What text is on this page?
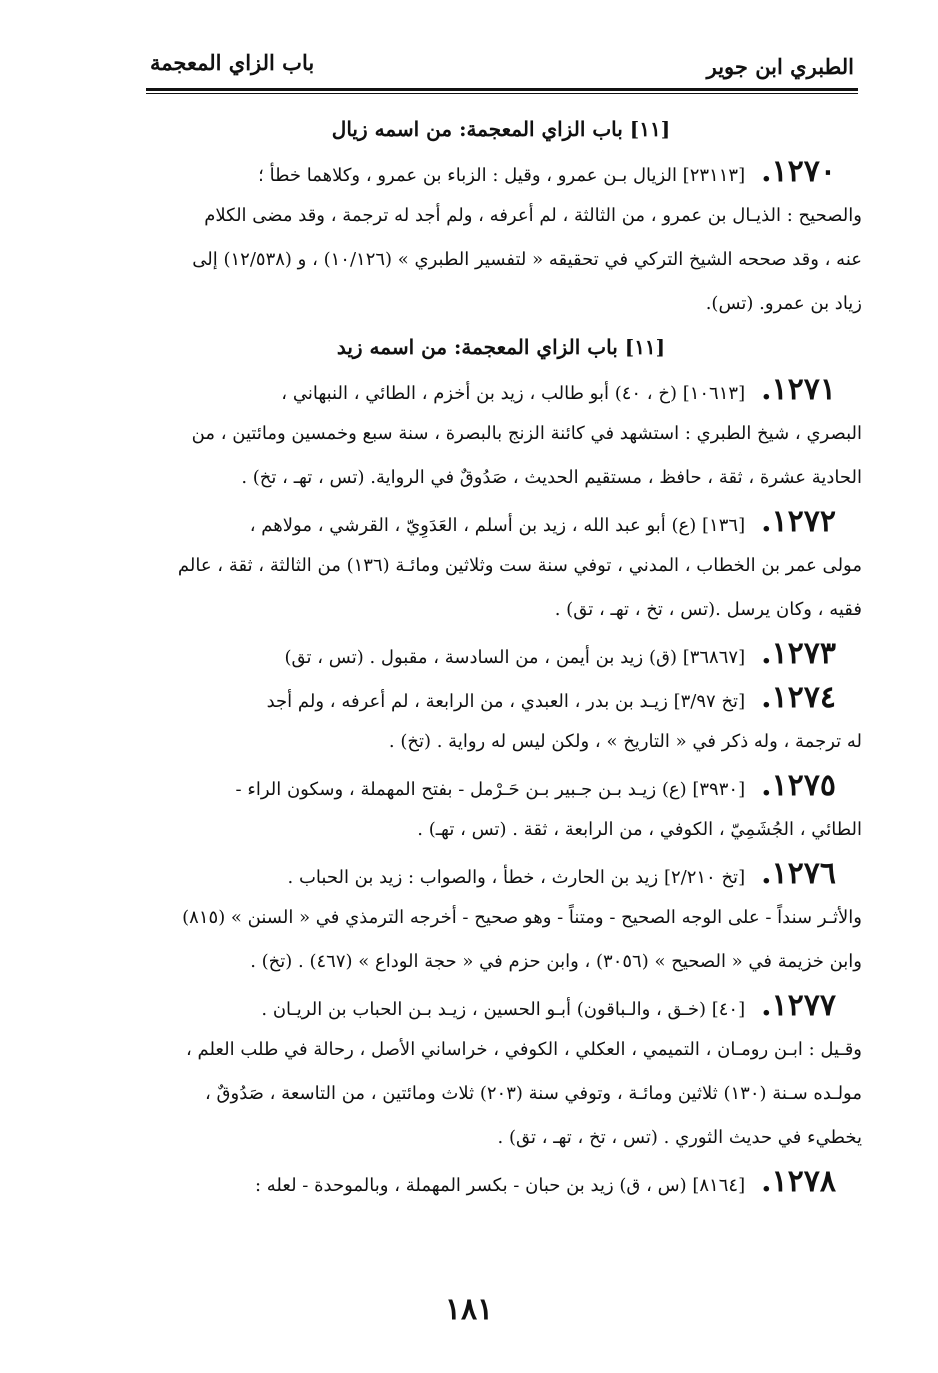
الطبري ابن جوير
باب الزاي المعجمة
[١١] باب الزاي المعجمة: من اسمه زيال
١٢٧٠.[٢٣١١٣] الزيال بـن عمرو ، وقيل : الزباء بن عمرو ، وكلاهما خطأ ؛
والصحيح : الذيـال بن عمرو ، من الثالثة ، لم أعرفه ، ولم أجد له ترجمة ، وقد مضى الكلام
عنه ، وقد صححه الشيخ التركي في تحقيقه « لتفسير الطبري » (١٠/١٢٦) ، و (١٢/٥٣٨) إلى
زياد بن عمرو. (تس).
[١١] باب الزاي المعجمة: من اسمه زيد
١٢٧١.[١٠٦١٣] (خ ، ٤٠) أبو طالب ، زيد بن أخزم ، الطائي ، النبهاني ،
البصري ، شيخ الطبري : استشهد في كائنة الزنج بالبصرة ، سنة سبع وخمسين ومائتين ، من
الحادية عشرة ، ثقة ، حافظ ، مستقيم الحديث ، صَدُوقٌ في الرواية. (تس ، تهـ ، تخ) .
١٢٧٢.[١٣٦] (ع) أبو عبد الله ، زيد بن أسلم ، العَدَوِيّ ، القرشي ، مولاهم ،
مولى عمر بن الخطاب ، المدني ، توفي سنة ست وثلاثين ومائـة (١٣٦) من الثالثة ، ثقة ، عالم
فقيه ، وكان يرسل .(تس ، تخ ، تهـ ، تق) .
١٢٧٣.[٣٦٨٦٧] (ق) زيد بن أيمن ، من السادسة ، مقبول . (تس ، تق)
١٢٧٤.[تخ ٣/٩٧] زيـد بن بدر ، العبدي ، من الرابعة ، لم أعرفه ، ولم أجد
له ترجمة ، وله ذكر في « التاريخ » ، ولكن ليس له رواية . (تخ) .
١٢٧٥.[٣٩٣٠] (ع) زيـد بـن جـبير بـن حَـرْمل - بفتح المهملة ، وسكون الراء -
الطائي ، الجُشَمِيّ ، الكوفي ، من الرابعة ، ثقة . (تس ، تهـ) .
١٢٧٦.[تخ ٢/٢١٠] زيد بن الحارث ، خطأ ، والصواب : زيد بن الحباب .
والأثـر سنداً - على الوجه الصحيح - ومتناً - وهو صحيح - أخرجه الترمذي في « السنن » (٨١٥)
وابن خزيمة في « الصحيح » (٣٠٥٦) ، وابن حزم في « حجة الوداع » (٤٦٧) . (تخ) .
١٢٧٧.[٤٠] (خـق ، والـباقون) أبـو الحسين ، زيـد بـن الحباب بن الريـان .
وقـيل : ابـن رومـان ، التميمي ، العكلي ، الكوفي ، خراساني الأصل ، رحالة في طلب العلم ،
مولـده سـنة (١٣٠) ثلاثين ومائـة ، وتوفي سنة (٢٠٣) ثلاث ومائتين ، من التاسعة ، صَدُوقٌ ،
يخطيء في حديث الثوري . (تس ، تخ ، تهـ ، تق) .
١٢٧٨.[٨١٦٤] (س ، ق) زيد بن حبان - بكسر المهملة ، وبالموحدة - لعله :
١٨١
